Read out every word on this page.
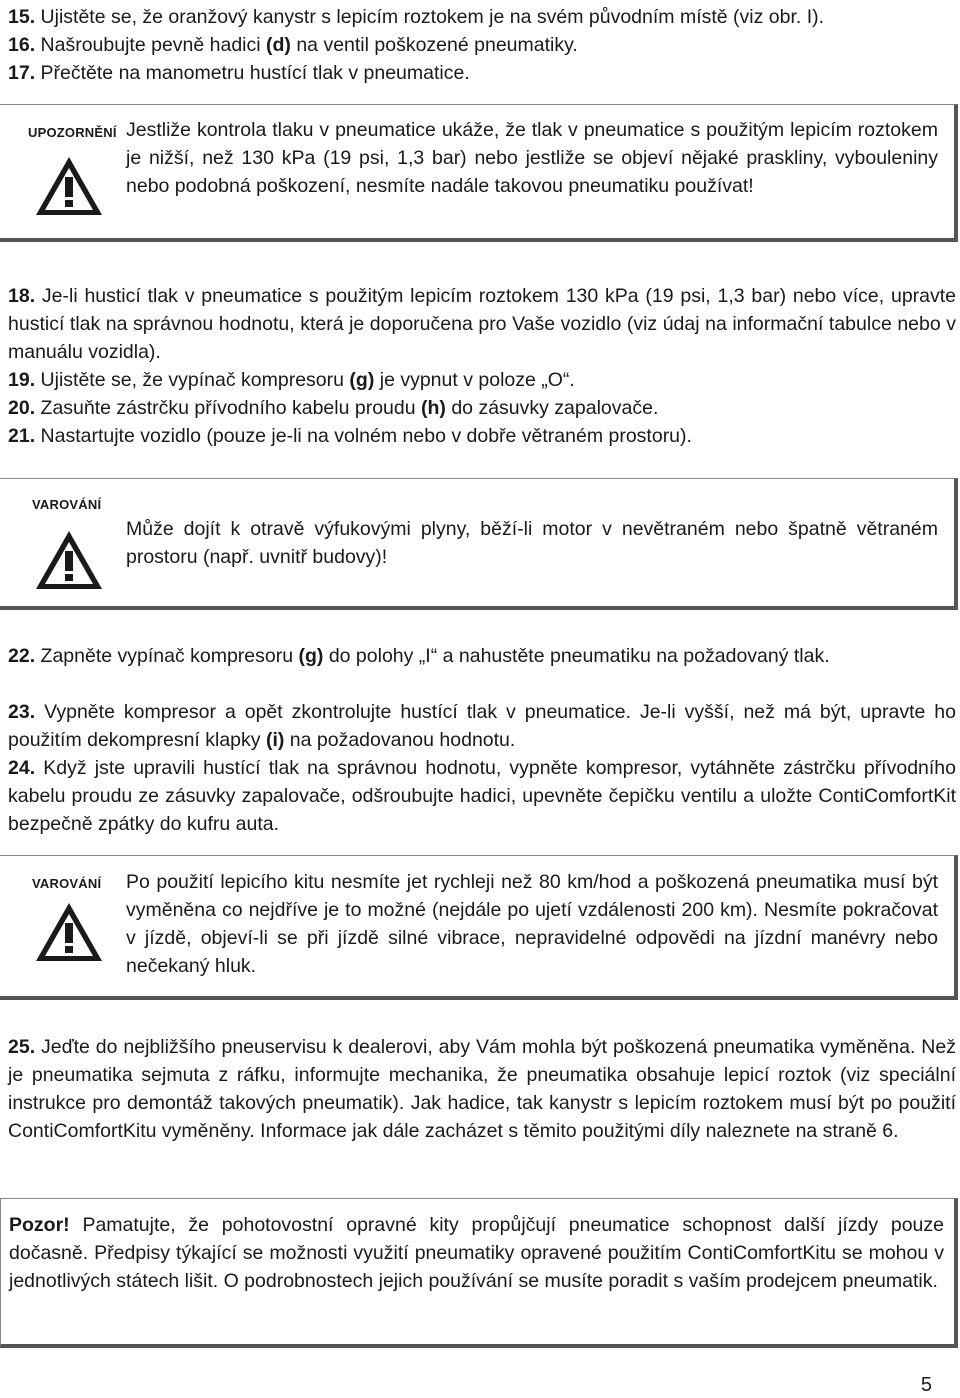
15. Ujistěte se, že oranžový kanystr s lepicím roztokem je na svém původním místě (viz obr. I).

16. Našroubujte pevně hadici (d) na ventil poškozené pneumatiky.

17. Přečtěte na manometru hustící tlak v pneumatice.

UPOZORNĚNÍ Jestliže kontrola tlaku v pneumatice ukáže, že tlak v pneumatice s použitým lepicím roztokem je nižší, než 130 kPa (19 psi, 1,3 bar) nebo jestliže se objeví nějaké praskliny, vybouleniny nebo podobná poškození, nesmíte nadále takovou pneumatiku používat!

18. Je-li husticí tlak v pneumatice s použitým lepicím roztokem 130 kPa (19 psi, 1,3 bar) nebo více, upravte husticí tlak na správnou hodnotu, která je doporučena pro Vaše vozidlo (viz údaj na informační tabulce nebo v manuálu vozidla).

19. Ujistěte se, že vypínač kompresoru (g) je vypnut v poloze „O“.

20. Zasuňte zástrčku přívodního kabelu proudu (h) do zásuvky zapalovače.

21. Nastartujte vozidlo (pouze je-li na volném nebo v dobře větraném prostoru).

VAROVÁNÍ

Může dojít k otravě výfukovými plyny, běží-li motor v nevětraném nebo špatně větraném prostoru (např. uvnitř budovy)!

22. Zapněte vypínač kompresoru (g) do polohy „I“ a nahustěte pneumatiku na požadovaný tlak.

23. Vypněte kompresor a opět zkontrolujte hustící tlak v pneumatice. Je-li vyšší, než má být, upravte ho použitím dekompresní klapky (i) na požadovanou hodnotu.

24. Když jste upravili hustící tlak na správnou hodnotu, vypněte kompresor, vytáhněte zástrčku přívodního kabelu proudu ze zásuvky zapalovače, odšroubujte hadici, upevněte čepičku ventilu a uložte ContiComfortKit bezpečně zpátky do kufru auta.

VAROVÁNÍ Po použití lepicího kitu nesmíte jet rychleji než 80 km/hod a poškozená pneumatika musí být vyměněna co nejdříve je to možné (nejdále po ujetí vzdálenosti 200 km). Nesmíte pokračovat v jízdě, objeví-li se při jízdě silné vibrace, nepravidelné odpovědi na jízdní manévry nebo nečekaný hluk.

25. Jeďte do nejbližšího pneuservisu k dealerovi, aby Vám mohla být poškozená pneumatika vyměněna. Než je pneumatika sejmuta z ráfku, informujte mechanika, že pneumatika obsahuje lepicí roztok (viz speciální instrukce pro demontáž takových pneumatik). Jak hadice, tak kanystr s lepicím roztokem musí být po použití ContiComfortKitu vyměněny. Informace jak dále zacházet s těmito použitými díly naleznete na straně 6.

Pozor! Pamatujte, že pohotovostní opravné kity propůjčují pneumatice schopnost další jízdy pouze dočasně. Předpisy týkající se možnosti využití pneumatiky opravené použitím ContiComfortKitu se mohou v jednotlivých státech lišit. O podrobnostech jejich používání se musíte poradit s vaším prodejcem pneumatik.

5
